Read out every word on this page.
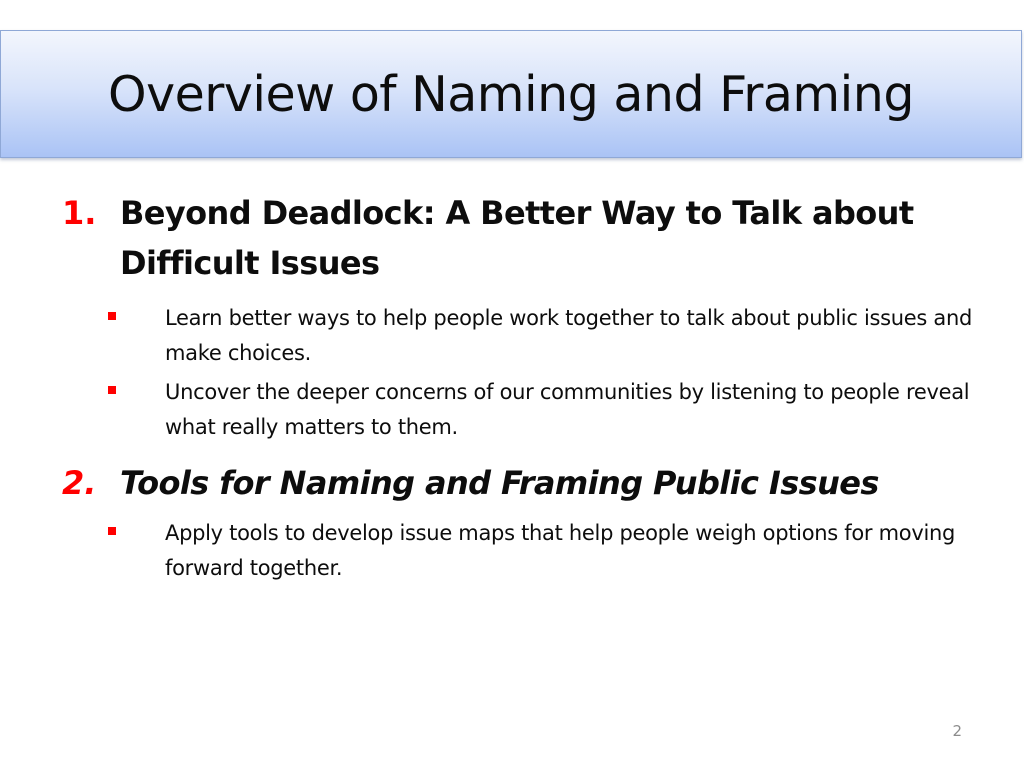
Overview of Naming and Framing
1. Beyond Deadlock: A Better Way to Talk about Difficult Issues
Learn better ways to help people work together to talk about public issues and make choices.
Uncover the deeper concerns of our communities by listening to people reveal what really matters to them.
2. Tools for Naming and Framing Public Issues
Apply tools to develop issue maps that help people weigh options for moving forward together.
2
